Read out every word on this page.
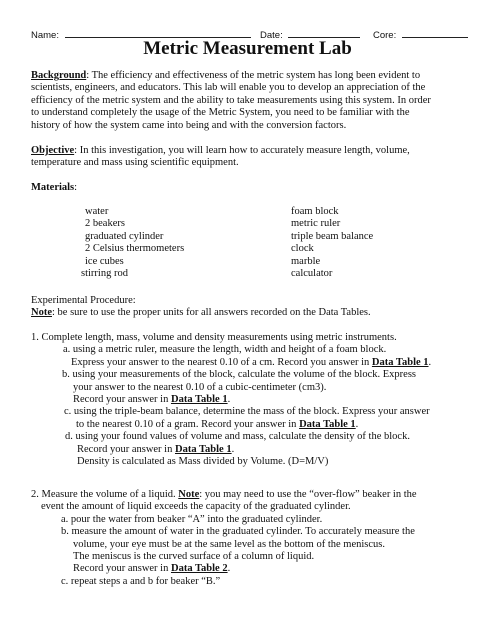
Name:	Date:	Core:
Metric Measurement Lab
Background: The efficiency and effectiveness of the metric system has long been evident to
scientists, engineers, and educators. This lab will enable you to develop an appreciation of the
efficiency of the metric system and the ability to take measurements using this system. In order
to understand completely the usage of the Metric System, you need to be familiar with the
history of how the system came into being and with the conversion factors.
Objective: In this investigation, you will learn how to accurately measure length, volume,
temperature and mass using scientific equipment.
Materials:
water
2 beakers
graduated cylinder
2 Celsius thermometers
ice cubes
stirring rod
foam block
metric ruler
triple beam balance
clock
marble
calculator
Experimental Procedure:
Note: be sure to use the proper units for all answers recorded on the Data Tables.
1. Complete length, mass, volume and density measurements using metric instruments.
a. using a metric ruler, measure the length, width and height of a foam block.
Express your answer to the nearest 0.10 of a cm. Record you answer in Data Table 1.
b. using your measurements of the block, calculate the volume of the block. Express
your answer to the nearest 0.10 of a cubic-centimeter (cm3).
Record your answer in Data Table 1.
c. using the triple-beam balance, determine the mass of the block. Express your answer
to the nearest 0.10 of a gram. Record your answer in Data Table 1.
d. using your found values of volume and mass, calculate the density of the block.
Record your answer in Data Table 1.
Density is calculated as Mass divided by Volume. (D=M/V)
2. Measure the volume of a liquid. Note: you may need to use the “over-flow” beaker in the
event the amount of liquid exceeds the capacity of the graduated cylinder.
a. pour the water from beaker “A” into the graduated cylinder.
b. measure the amount of water in the graduated cylinder. To accurately measure the
volume, your eye must be at the same level as the bottom of the meniscus.
The meniscus is the curved surface of a column of liquid.
Record your answer in Data Table 2.
c. repeat steps a and b for beaker “B.”
